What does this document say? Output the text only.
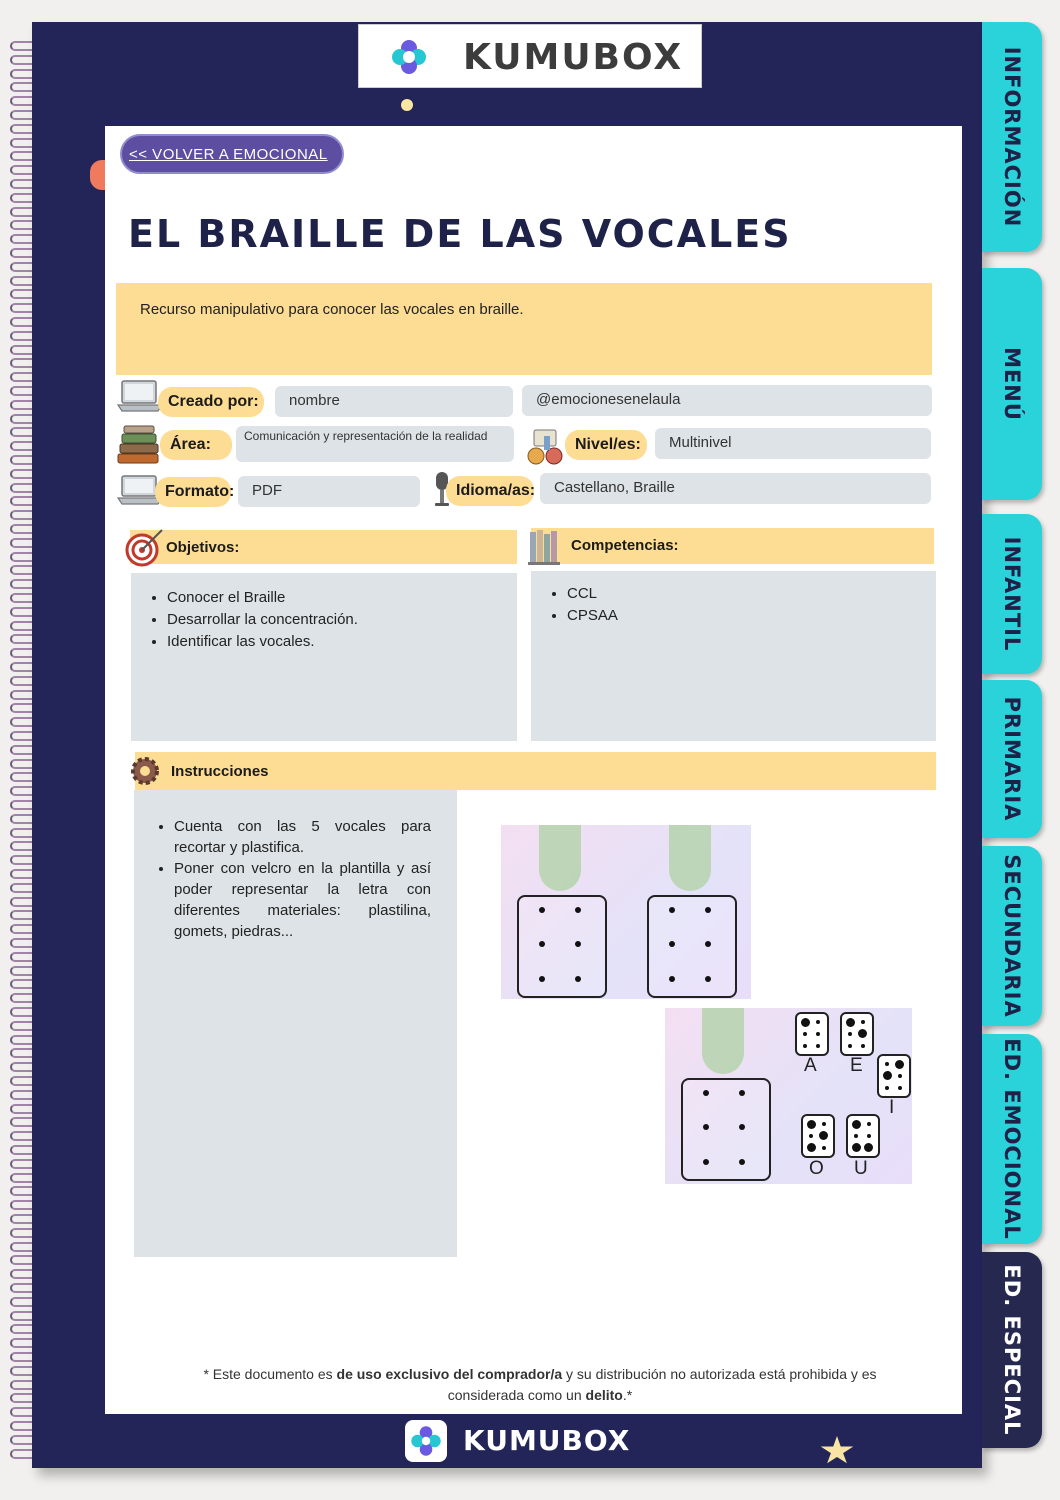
INFORMACIÓN
MENÚ
INFANTIL
PRIMARIA
SECUNDARIA
ED. EMOCIONAL
ED. ESPECIAL
KUMUBOX
<< VOLVER A EMOCIONAL
EL BRAILLE DE LAS VOCALES
Recurso manipulativo para conocer las vocales en braille.
Creado por:	nombre	@emocionesenelaula
Área:	Comunicación y representación de la realidad	Nivel/es:	Multinivel
Formato:	PDF	Idioma/as:	Castellano, Braille
Objetivos:
• Conocer el Braille
• Desarrollar la concentración.
• Identificar las vocales.
Competencias:
• CCL
• CPSAA
Instrucciones
• Cuenta con las 5 vocales para recortar y plastifica.
• Poner con velcro en la plantilla y así poder representar la letra con diferentes materiales: plastilina, gomets, piedras...
A E
I
O U
* Este documento es de uso exclusivo del comprador/a y su distribución no autorizada está prohibida y es considerada como un delito.*
KUMUBOX
